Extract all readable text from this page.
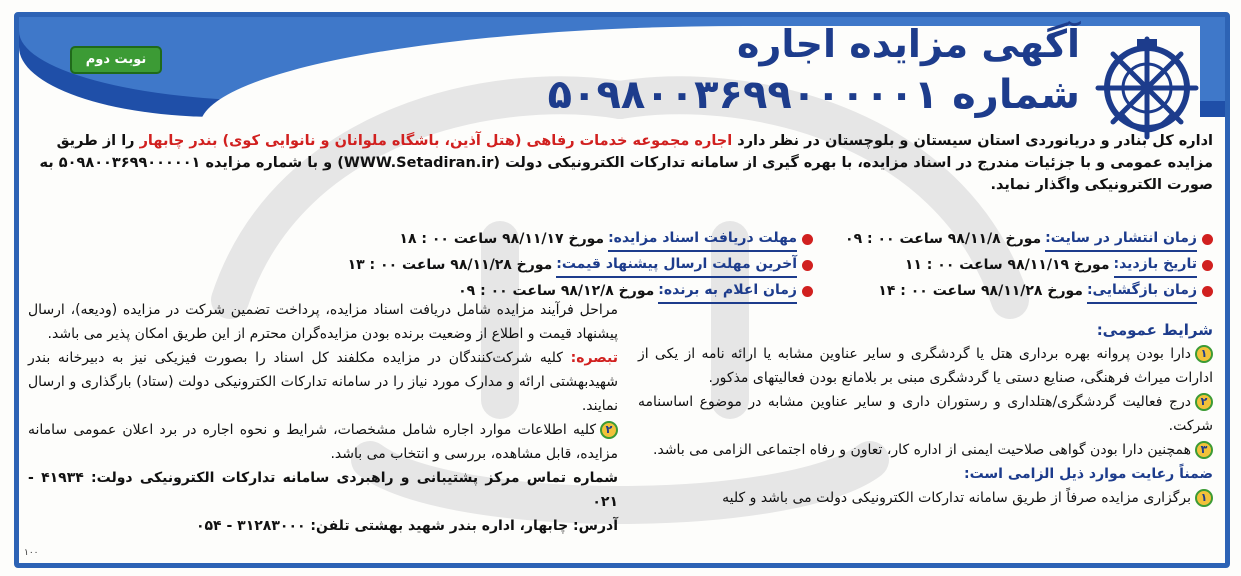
نوبت دوم	آگهی مزایده اجاره
شماره ۵۰۹۸۰۰۳۶۹۹۰۰۰۰۰۱
اداره کل بنادر و دریانوردی استان سیستان و بلوچستان در نظر دارد اجاره مجموعه خدمات رفاهی (هتل آذین، باشگاه ملوانان و نانوایی کوی) بندر چابهار را از طریق مزایده عمومی و با جزئیات مندرج در اسناد مزایده، با بهره گیری از سامانه تدارکات الکترونیکی دولت (WWW.Setadiran.ir) و با شماره مزایده ۵۰۹۸۰۰۳۶۹۹۰۰۰۰۰۱ به صورت الکترونیکی واگذار نماید.
زمان انتشار در سایت:
مورخ ۹۸/۱۱/۸ ساعت ۰۰ : ۰۹
تاریخ بازدید:
مورخ ۹۸/۱۱/۱۹ ساعت ۰۰ : ۱۱
زمان بازگشایی:
مورخ ۹۸/۱۱/۲۸ ساعت ۰۰ : ۱۴
مهلت دریافت اسناد مزایده:
مورخ ۹۸/۱۱/۱۷ ساعت ۰۰ : ۱۸
آخرین مهلت ارسال پیشنهاد قیمت:
مورخ ۹۸/۱۱/۲۸ ساعت ۰۰ : ۱۳
زمان اعلام به برنده:
مورخ ۹۸/۱۲/۸ ساعت ۰۰ : ۰۹
شرایط عمومی:
۱دارا بودن پروانه بهره برداری هتل یا گردشگری و سایر عناوین مشابه یا ارائه نامه از یکی از ادارات میراث فرهنگی، صنایع دستی یا گردشگری مبنی بر بلامانع بودن فعالیتهای مذکور.
۲درج فعالیت گردشگری/هتلداری و رستوران داری و سایر عناوین مشابه در موضوع اساسنامه شرکت.
۳همچنین دارا بودن گواهی صلاحیت ایمنی از اداره کار، تعاون و رفاه اجتماعی الزامی می باشد.
ضمناً رعایت موارد ذیل الزامی است:
۱برگزاری مزایده صرفاً از طریق سامانه تدارکات الکترونیکی دولت می باشد و کلیه
مراحل فرآیند مزایده شامل دریافت اسناد مزایده، پرداخت تضمین شرکت در مزایده (ودیعه)، ارسال پیشنهاد قیمت و اطلاع از وضعیت برنده بودن مزایده‌گران محترم از این طریق امکان پذیر می باشد.
تبصره: کلیه شرکت‌کنندگان در مزایده مکلفند کل اسناد را بصورت فیزیکی نیز به دبیرخانه بندر شهیدبهشتی ارائه و مدارک مورد نیاز را در سامانه تدارکات الکترونیکی دولت (ستاد) بارگذاری و ارسال نمایند.
۲کلیه اطلاعات موارد اجاره شامل مشخصات، شرایط و نحوه اجاره در برد اعلان عمومی سامانه مزایده، قابل مشاهده، بررسی و انتخاب می باشد.
شماره تماس مرکز پشتیبانی و راهبردی سامانه تدارکات الکترونیکی دولت: ۴۱۹۳۴ - ۰۲۱
آدرس: چابهار، اداره بندر شهید بهشتی تلفن: ۳۱۲۸۳۰۰۰ - ۰۵۴
۱۰۰
